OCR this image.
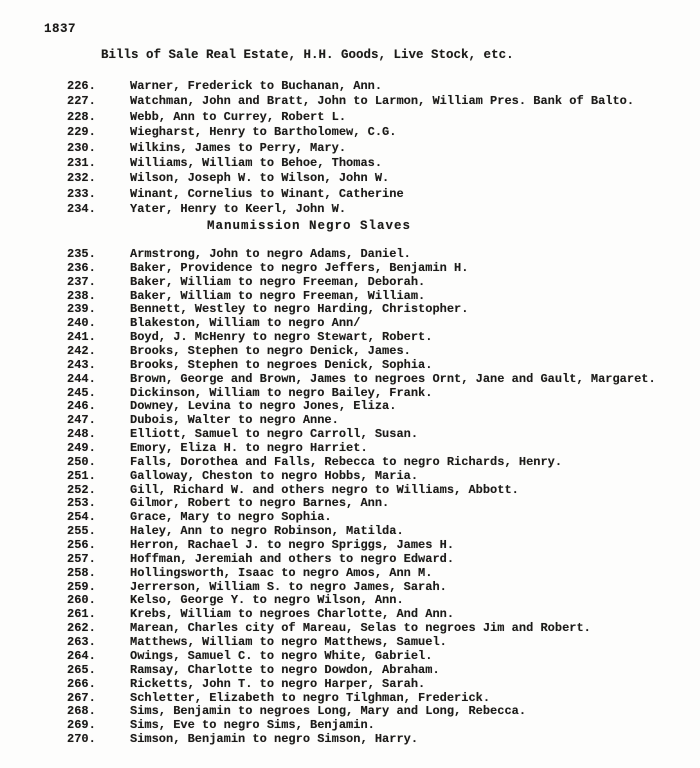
1837
Bills of Sale Real Estate, H.H. Goods, Live Stock, etc.
226.	Warner, Frederick to Buchanan, Ann.
227.	Watchman, John and Bratt, John to Larmon, William Pres. Bank of Balto.
228.	Webb, Ann to Currey, Robert L.
229.	Wiegharst, Henry to Bartholomew, C.G.
230.	Wilkins, James to Perry, Mary.
231.	Williams, William to Behoe, Thomas.
232.	Wilson, Joseph W. to Wilson, John W.
233.	Winant, Cornelius to Winant, Catherine
234.	Yater, Henry to Keerl, John W.
Manumission Negro Slaves
235.	Armstrong, John to negro Adams, Daniel.
236.	Baker, Providence to negro Jeffers, Benjamin H.
237.	Baker, William to negro Freeman, Deborah.
238.	Baker, William to negro Freeman, William.
239.	Bennett, Westley to negro Harding, Christopher.
240.	Blakeston, William to negro Ann/
241.	Boyd, J. McHenry to negro Stewart, Robert.
242.	Brooks, Stephen to negro Denick, James.
243.	Brooks, Stephen to negroes Denick, Sophia.
244.	Brown, George and Brown, James to negroes Ornt, Jane and Gault, Margaret.
245.	Dickinson, William to negro Bailey, Frank.
246.	Downey, Levina to negro Jones, Eliza.
247.	Dubois, Walter to negro Anne.
248.	Elliott, Samuel to negro Carroll, Susan.
249.	Emory, Eliza H. to negro Harriet.
250.	Falls, Dorothea and Falls, Rebecca to negro Richards, Henry.
251.	Galloway, Cheston to negro Hobbs, Maria.
252.	Gill, Richard W. and others negro to Williams, Abbott.
253.	Gilmor, Robert to negro Barnes, Ann.
254.	Grace, Mary to negro Sophia.
255.	Haley, Ann to negro Robinson, Matilda.
256.	Herron, Rachael J. to negro Spriggs, James H.
257.	Hoffman, Jeremiah and others to negro Edward.
258.	Hollingsworth, Isaac to negro Amos, Ann M.
259.	Jerrerson, William S. to negro James, Sarah.
260.	Kelso, George Y. to negro Wilson, Ann.
261.	Krebs, William to negroes Charlotte, And Ann.
262.	Marean, Charles city of Mareau, Selas to negroes Jim and Robert.
263.	Matthews, William to negro Matthews, Samuel.
264.	Owings, Samuel C. to negro White, Gabriel.
265.	Ramsay, Charlotte to negro Dowdon, Abraham.
266.	Ricketts, John T. to negro Harper, Sarah.
267.	Schletter, Elizabeth to negro Tilghman, Frederick.
268.	Sims, Benjamin to negroes Long, Mary and Long, Rebecca.
269.	Sims, Eve to negro Sims, Benjamin.
270.	Simson, Benjamin to negro Simson, Harry.
